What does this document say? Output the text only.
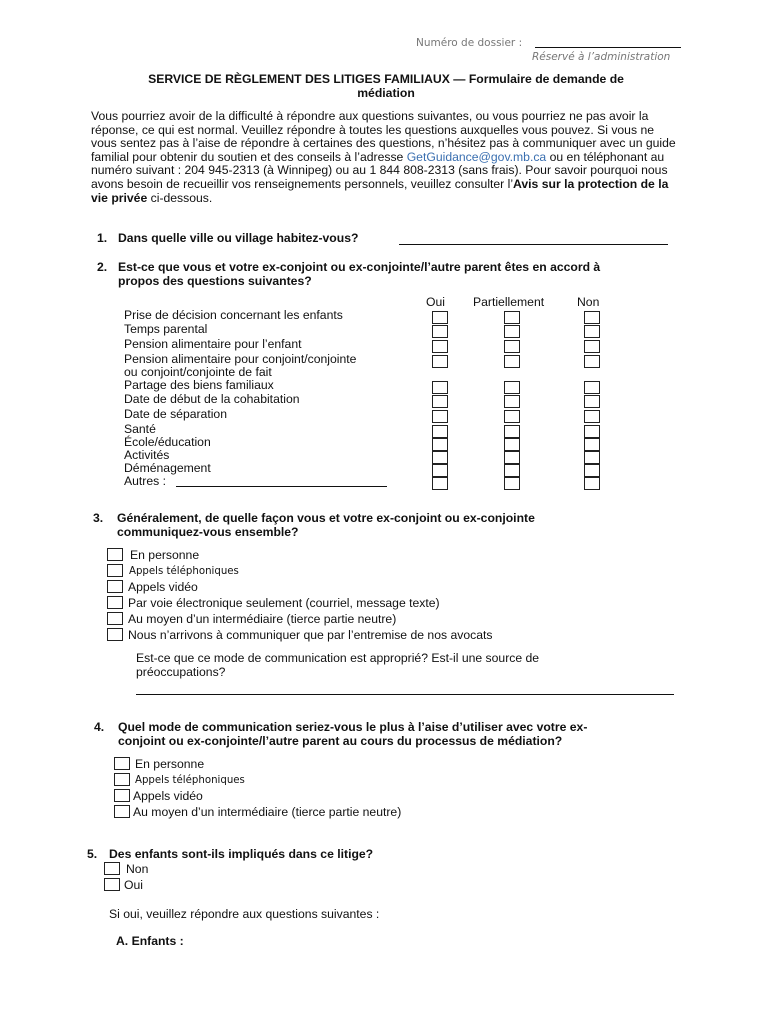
Numéro de dossier :
Réservé à l’administration
SERVICE DE RÈGLEMENT DES LITIGES FAMILIAUX — Formulaire de demande de
médiation
Vous pourriez avoir de la difficulté à répondre aux questions suivantes, ou vous pourriez ne pas avoir la réponse, ce qui est normal. Veuillez répondre à toutes les questions auxquelles vous pouvez. Si vous ne vous sentez pas à l’aise de répondre à certaines des questions, n’hésitez pas à communiquer avec un guide familial pour obtenir du soutien et des conseils à l’adresse GetGuidance@gov.mb.ca ou en téléphonant au numéro suivant : 204 945-2313 (à Winnipeg) ou au 1 844 808-2313 (sans frais). Pour savoir pourquoi nous avons besoin de recueillir vos renseignements personnels, veuillez consulter l’Avis sur la protection de la vie privée ci-dessous.
1. Dans quelle ville ou village habitez-vous?
2. Est-ce que vous et votre ex-conjoint ou ex-conjointe/l’autre parent êtes en accord à
propos des questions suivantes?
Oui Partiellement	Non
Prise de décision concernant les enfants
Temps parental
Pension alimentaire pour l’enfant
Pension alimentaire pour conjoint/conjointe
ou conjoint/conjointe de fait
Partage des biens familiaux
Date de début de la cohabitation
Date de séparation
Santé
École/éducation
Activités
Déménagement
Autres :
3. Généralement, de quelle façon vous et votre ex-conjoint ou ex-conjointe
communiquez-vous ensemble?
En personne
Appels téléphoniques
Appels vidéo
Par voie électronique seulement (courriel, message texte)
Au moyen d’un intermédiaire (tierce partie neutre)
Nous n’arrivons à communiquer que par l’entremise de nos avocats
Est-ce que ce mode de communication est approprié? Est-il une source de
préoccupations?
4. Quel mode de communication seriez-vous le plus à l’aise d’utiliser avec votre ex-
conjoint ou ex-conjointe/l’autre parent au cours du processus de médiation?
En personne
Appels téléphoniques
Appels vidéo
Au moyen d’un intermédiaire (tierce partie neutre)
5. Des enfants sont-ils impliqués dans ce litige?
Non
Oui
Si oui, veuillez répondre aux questions suivantes :
A. Enfants :
